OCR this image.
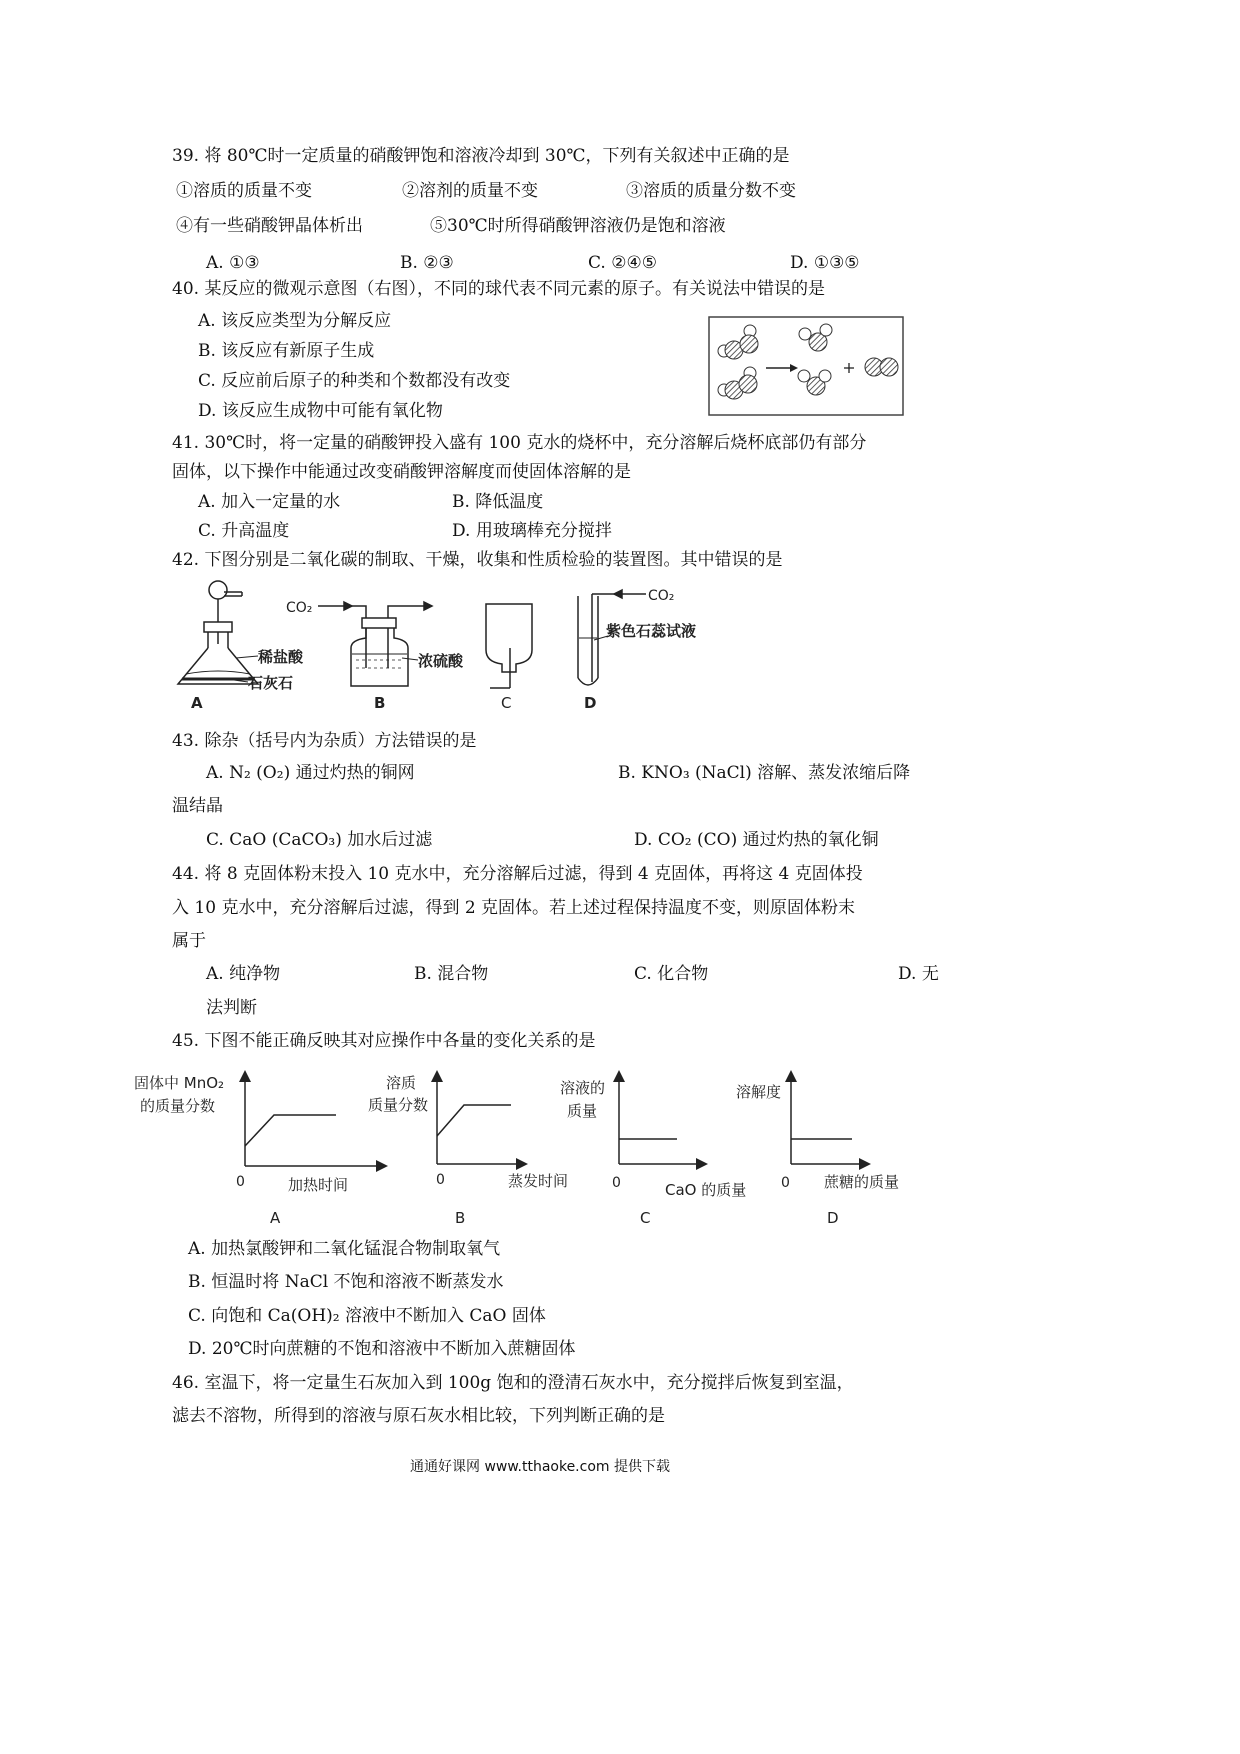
39. 将 80℃时一定质量的硝酸钾饱和溶液冷却到 30℃，下列有关叙述中正确的是
①溶质的质量不变	②溶剂的质量不变	③溶质的质量分数不变
④有一些硝酸钾晶体析出	⑤30℃时所得硝酸钾溶液仍是饱和溶液
A. ①③	B. ②③	C. ②④⑤	D. ①③⑤
40. 某反应的微观示意图（右图），不同的球代表不同元素的原子。有关说法中错误的是
A. 该反应类型为分解反应
B. 该反应有新原子生成
C. 反应前后原子的种类和个数都没有改变
D. 该反应生成物中可能有氧化物
41. 30℃时，将一定量的硝酸钾投入盛有 100 克水的烧杯中，充分溶解后烧杯底部仍有部分
固体，以下操作中能通过改变硝酸钾溶解度而使固体溶解的是
A. 加入一定量的水	B. 降低温度
C. 升高温度	D. 用玻璃棒充分搅拌
42. 下图分别是二氧化碳的制取、干燥，收集和性质检验的装置图。其中错误的是
稀盐酸
石灰石
A
CO₂
浓硫酸
B	C
CO₂
紫色石蕊试液
D
43. 除杂（括号内为杂质）方法错误的是
A. N₂ (O₂) 通过灼热的铜网	B. KNO₃ (NaCl) 溶解、蒸发浓缩后降
温结晶
C. CaO (CaCO₃) 加水后过滤	D. CO₂ (CO) 通过灼热的氧化铜
44. 将 8 克固体粉末投入 10 克水中，充分溶解后过滤，得到 4 克固体，再将这 4 克固体投
入 10 克水中，充分溶解后过滤，得到 2 克固体。若上述过程保持温度不变，则原固体粉末
属于
A. 纯净物	B. 混合物	C. 化合物	D. 无
法判断
45. 下图不能正确反映其对应操作中各量的变化关系的是
固体中 MnO₂
的质量分数
0	加热时间
A
溶质
质量分数
0	蒸发时间
B
溶液的
质量
0	CaO 的质量
C
溶解度
0 蔗糖的质量
D
A. 加热氯酸钾和二氧化锰混合物制取氧气
B. 恒温时将 NaCl 不饱和溶液不断蒸发水
C. 向饱和 Ca(OH)₂ 溶液中不断加入 CaO 固体
D. 20℃时向蔗糖的不饱和溶液中不断加入蔗糖固体
46. 室温下，将一定量生石灰加入到 100g 饱和的澄清石灰水中，充分搅拌后恢复到室温，
滤去不溶物，所得到的溶液与原石灰水相比较，下列判断正确的是
通通好课网 www.tthaoke.com 提供下载
